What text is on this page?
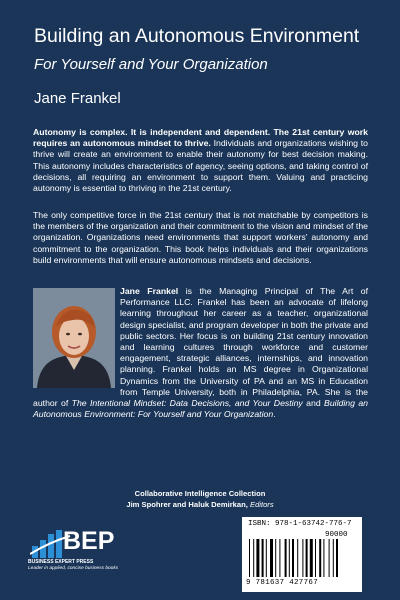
Building an Autonomous Environment
For Yourself and Your Organization
Jane Frankel
Autonomy is complex. It is independent and dependent. The 21st century work requires an autonomous mindset to thrive. Individuals and organizations wishing to thrive will create an environment to enable their autonomy for best decision making. This autonomy includes characteristics of agency, seeing options, and taking control of decisions, all requiring an environment to support them. Valuing and practicing autonomy is essential to thriving in the 21st century.
The only competitive force in the 21st century that is not matchable by competitors is the members of the organization and their commitment to the vision and mindset of the organization. Organizations need environments that support workers' autonomy and commitment to the organization. This book helps individuals and their organizations build environments that will ensure autonomous mindsets and decisions.
Jane Frankel is the Managing Principal of The Art of Performance LLC. Frankel has been an advocate of lifelong learning throughout her career as a teacher, organizational design specialist, and program developer in both the private and public sectors. Her focus is on building 21st century innovation and learning cultures through workforce and customer engagement, strategic alliances, internships, and innovation planning. Frankel holds an MS degree in Organizational Dynamics from the University of PA and an MS in Education from Temple University, both in Philadelphia, PA. She is the author of The Intentional Mindset: Data Decisions, and Your Destiny and Building an Autonomous Environment: For Yourself and Your Organization.
Collaborative Intelligence Collection
Jim Spohrer and Haluk Demirkan, Editors
BEP
BUSINESS EXPERT PRESS
Leader in applied, concise business books
ISBN: 978-1-63742-776-7
90000
9 781637 427767
